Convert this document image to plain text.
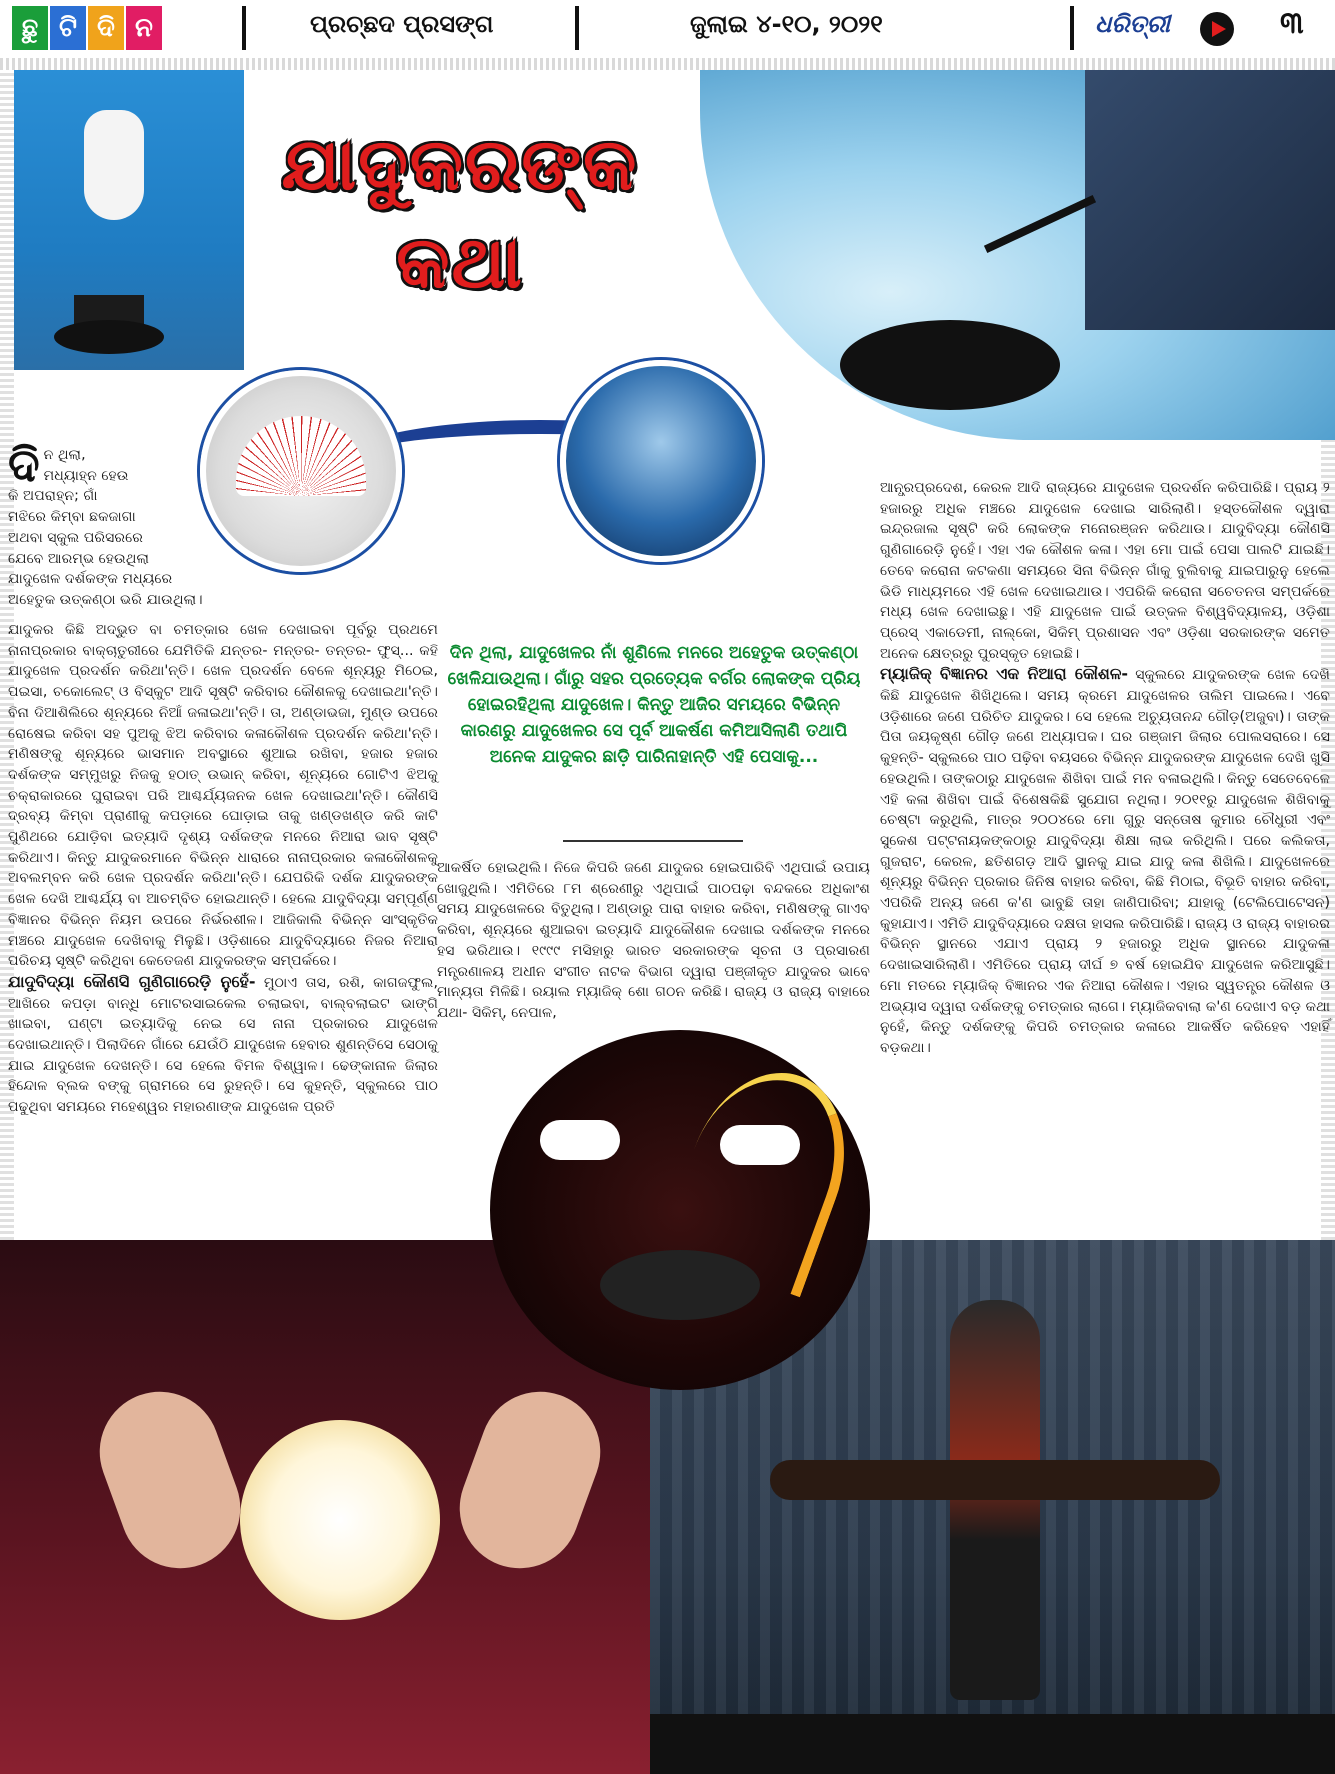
ଛୁ ଟି ଦି ନ	ପ୍ରଚ୍ଛଦ ପ୍ରସଙ୍ଗ	ଜୁଲାଇ ୪-୧୦, ୨୦୨୧	ଧରିତ୍ରୀ	୩
ଯାଦୁକରଙ୍କ
କଥା
ଦି ନ ଥିଲା,
ମଧ୍ୟାହ୍ନ ହେଉ
କି ଅପରାହ୍ନ; ଗାଁ
ମଝିରେ କିମ୍ବା ଛକଜାଗା
ଅଥବା ସ୍କୁଲ ପରିସରରେ
ଯେବେ ଆରମ୍ଭ ହେଉଥିଲା
ଯାଦୁଖେଳ ଦର୍ଶକଙ୍କ ମଧ୍ୟରେ
ଅହେତୁକ ଉତ୍କଣ୍ଠା ଭରି ଯାଉଥିଲା।

ଯାଦୁକର କିଛି ଅଦ୍ଭୁତ ବା ଚମତ୍କାର ଖେଳ ଦେଖାଇବା ପୂର୍ବରୁ ପ୍ରଥମେ ନାନାପ୍ରକାର ବାକ୍ଚାତୁରୀରେ ଯେମିତିକି ଯନ୍ତର- ମନ୍ତର- ତନ୍ତର- ଫୁସ୍... କହି ଯାଦୁଖେଳ ପ୍ରଦର୍ଶନ କରିଥା'ନ୍ତି। ଖେଳ ପ୍ରଦର୍ଶନ ବେଳେ ଶୂନ୍ୟରୁ ମିଠେଇ, ପଇସା, ଚକୋଲେଟ୍ ଓ ବିସ୍କୁଟ ଆଦି ସୃଷ୍ଟି କରିବାର କୌଶଳକୁ ଦେଖାଇଥା'ନ୍ତି। ବିନା ଦିଆଶିଲିରେ ଶୂନ୍ୟରେ ନିଆଁ ଜଳାଇଥା'ନ୍ତି। ତା, ଅଣ୍ଡାଭଜା, ମୁଣ୍ଡ ଉପରେ ରୋଷେଇ କରିବା ସହ ପୁଅକୁ ଝିଅ କରିବାର କଳାକୌଶଳ ପ୍ରଦର୍ଶନ କରିଥା'ନ୍ତି। ମଣିଷଙ୍କୁ ଶୂନ୍ୟରେ ଭାସମାନ ଅବସ୍ଥାରେ ଶୁଆଇ ରଖିବା, ହଜାର ହଜାର ଦର୍ଶକଙ୍କ ସମ୍ମୁଖରୁ ନିଜକୁ ହଠାତ୍ ଉଭାନ୍ କରିବା, ଶୂନ୍ୟରେ ଗୋଟିଏ ଝିଅକୁ ଚକ୍ରାକାରରେ ଘୁରାଇବା ପରି ଆଶ୍ଚର୍ଯ୍ୟଜନକ ଖେଳ ଦେଖାଇଥା'ନ୍ତି। କୌଣସି ଦ୍ରବ୍ୟ କିମ୍ବା ପ୍ରାଣୀକୁ କପଡ଼ାରେ ଘୋଡ଼ାଇ ତାକୁ ଖଣ୍ଡଖଣ୍ଡ କରି କାଟି ପୁଣିଥରେ ଯୋଡ଼ିବା ଇତ୍ୟାଦି ଦୃଶ୍ୟ ଦର୍ଶକଙ୍କ ମନରେ ନିଆରା ଭାବ ସୃଷ୍ଟି କରିଥାଏ। କିନ୍ତୁ ଯାଦୁକରମାନେ ବିଭିନ୍ନ ଧାରାରେ ନାନାପ୍ରକାର କଳାକୌଶଳକୁ ଅବଲମ୍ବନ କରି ଖେଳ ପ୍ରଦର୍ଶନ କରିଥା'ନ୍ତି। ଯେପରିକି ଦର୍ଶକ ଯାଦୁକରଙ୍କ ଖେଳ ଦେଖି ଆଶ୍ଚର୍ଯ୍ୟ ବା ଆଚମ୍ବିତ ହୋଇଥାନ୍ତି। ହେଲେ ଯାଦୁବିଦ୍ୟା ସମ୍ପୂର୍ଣ୍ଣ ବିଜ୍ଞାନର ବିଭିନ୍ନ ନିୟମ ଉପରେ ନିର୍ଭରଶୀଳ। ଆଜିକାଲି ବିଭିନ୍ନ ସାଂସ୍କୃତିକ ମଞ୍ଚରେ ଯାଦୁଖେଳ ଦେଖିବାକୁ ମିଳୁଛି। ଓଡ଼ିଶାରେ ଯାଦୁବିଦ୍ୟାରେ ନିଜର ନିଆରା ପରିଚୟ ସୃଷ୍ଟି କରିଥିବା କେତେଜଣ ଯାଦୁକରଙ୍କ ସମ୍ପର୍କରେ।

ଯାଦୁବିଦ୍ୟା କୌଣସି ଗୁଣିଗାରେଡ଼ି ନୁହେଁ- ମୁଠାଏ ତାସ, ରଶି, କାଗଜଫୁଲ, ଆଖିରେ କପଡ଼ା ବାନ୍ଧି ମୋଟରସାଇକେଲ ଚଲାଇବା, ବାଲ୍ବଲାଇଟ ଭାଙ୍ଗି ଖାଇବା, ଘଣ୍ଟା ଇତ୍ୟାଦିକୁ ନେଇ ସେ ନାନା ପ୍ରକାରର ଯାଦୁଖେଳ ଦେଖାଇଥାନ୍ତି। ପିଲାଦିନେ ଗାଁରେ ଯେଉଁଠି ଯାଦୁଖେଳ ହେବାର ଶୁଣନ୍ତିସେ ସେଠାକୁ ଯାଇ ଯାଦୁଖେଳ ଦେଖନ୍ତି। ସେ ହେଲେ ବିମଳ ବିଶ୍ୱାଳ। ଢେଙ୍କାନାଳ ଜିଲାର ହିନ୍ଦୋଳ ବ୍ଲକ ବଙ୍କୁ ଗ୍ରାମରେ ସେ ରୁହନ୍ତି। ସେ କୁହନ୍ତି, ସ୍କୁଲରେ ପାଠ ପଢୁଥିବା ସମୟରେ ମହେଶ୍ୱର ମହାରଣାଙ୍କ ଯାଦୁଖେଳ ପ୍ରତି

ଦିନ ଥିଲା, ଯାଦୁଖେଳର ନାଁ ଶୁଣିଲେ ମନରେ ଅହେତୁକ ଉତ୍କଣ୍ଠା ଖେଳିଯାଉଥିଲା। ଗାଁରୁ ସହର ପ୍ରତ୍ୟେକ ବର୍ଗର ଲୋକଙ୍କ ପ୍ରିୟ ହୋଇରହିଥିଲା ଯାଦୁଖେଳ। କିନ୍ତୁ ଆଜିର ସମୟରେ ବିଭିନ୍ନ କାରଣରୁ ଯାଦୁଖେଳର ସେ ପୂର୍ବ ଆକର୍ଷଣ କମିଆସିଲାଣି ତଥାପି ଅନେକ ଯାଦୁକର ଛାଡ଼ି ପାରିନାହାନ୍ତି ଏହି ପେସାକୁ...

ଆକର୍ଷିତ ହୋଇଥିଲି। ନିଜେ କିପରି ଜଣେ ଯାଦୁକର ହୋଇପାରିବି ଏଥିପାଇଁ ଉପାୟ ଖୋଜୁଥିଲି। ଏମିତିରେ ୮ମ ଶ୍ରେଣୀରୁ ଏଥିପାଇଁ ପାଠପଢ଼ା ବନ୍ଦକରେ ଅଧିକାଂଶ ସମୟ ଯାଦୁଖେଳରେ ବିତୁଥିଲା। ଅଣ୍ଡାରୁ ପାରା ବାହାର କରିବା, ମଣିଷଙ୍କୁ ଗାଏବ କରିବା, ଶୂନ୍ୟରେ ଶୁଆଇବା ଇତ୍ୟାଦି ଯାଦୁକୌଶଳ ଦେଖାଇ ଦର୍ଶକଙ୍କ ମନରେ ହସ ଭରିଥାଉ। ୧୯୯୯ ମସିହାରୁ ଭାରତ ସରକାରଙ୍କ ସୂଚନା ଓ ପ୍ରସାରଣ ମନ୍ତ୍ରଣାଳୟ ଅଧୀନ ସଂଗୀତ ନାଟକ ବିଭାଗ ଦ୍ୱାରା ପଞ୍ଜୀକୃତ ଯାଦୁକର ଭାବେ ମାନ୍ୟତା ମିଳିଛି। ରୟାଲ ମ୍ୟାଜିକ୍ ଶୋ ଗଠନ କରିଛି। ରାଜ୍ୟ ଓ ରାଜ୍ୟ ବାହାରେ ଯଥା- ସିକିମ୍, ନେପାଳ,

ଆନ୍ଧ୍ରପ୍ରଦେଶ, କେରଳ ଆଦି ରାଜ୍ୟରେ ଯାଦୁଖେଳ ପ୍ରଦର୍ଶନ କରିପାରିଛି। ପ୍ରାୟ ୨ ହଜାରରୁ ଅଧିକ ମଞ୍ଚରେ ଯାଦୁଖେଳ ଦେଖାଇ ସାରିଲାଣି। ହସ୍ତକୌଶଳ ଦ୍ୱାରା ଇନ୍ଦ୍ରଜାଲ ସୃଷ୍ଟି କରି ଲୋକଙ୍କ ମନୋରଞ୍ଜନ କରିଥାଉ। ଯାଦୁବିଦ୍ୟା କୌଣସି ଗୁଣିଗାରେଡ଼ି ନୁହେଁ। ଏହା ଏକ କୌଶଳ କଳା। ଏହା ମୋ ପାଇଁ ପେସା ପାଲଟି ଯାଇଛି। ତେବେ କରୋନା କଟକଣା ସମୟରେ ସିନା ବିଭିନ୍ନ ଗାଁକୁ ବୁଲିବାକୁ ଯାଇପାରୁନୁ ହେଲେ ଭିଡି ମାଧ୍ୟମରେ ଏହି ଖେଳ ଦେଖାଇଥାଉ। ଏପରିକି କରୋନା ସଚେତନତା ସମ୍ପର୍କରେ ମଧ୍ୟ ଖେଳ ଦେଖାଇଛୁ। ଏହି ଯାଦୁଖେଳ ପାଇଁ ଉତ୍କଳ ବିଶ୍ୱବିଦ୍ୟାଳୟ, ଓଡ଼ିଶା ପ୍ରେସ୍ ଏକାଡେମୀ, ନାଲ୍କୋ, ସିକିମ୍ ପ୍ରଶାସନ ଏବଂ ଓଡ଼ିଶା ସରକାରଙ୍କ ସମେତ ଅନେକ କ୍ଷେତ୍ରରୁ ପୁରସ୍କୃତ ହୋଇଛି।

ମ୍ୟାଜିକ୍ ବିଜ୍ଞାନର ଏକ ନିଆରା କୌଶଳ- ସ୍କୁଲରେ ଯାଦୁକରଙ୍କ ଖେଳ ଦେଖି କିଛି ଯାଦୁଖେଳ ଶିଖିଥିଲେ। ସମୟ କ୍ରମେ ଯାଦୁଖେଳର ତାଲିମ ପାଇଲେ। ଏବେ ଓଡ଼ିଶାରେ ଜଣେ ପରିଚିତ ଯାଦୁକର। ସେ ହେଲେ ଅଚ୍ୟୁତାନନ୍ଦ ଗୌଡ଼(ଅଜୁବା)। ତାଙ୍କ ପିତା ଜୟକୃଷ୍ଣ ଗୌଡ଼ ଜଣେ ଅଧ୍ୟାପକ। ଘର ଗଞ୍ଜାମ ଜିଲାର ପୋଲସରାରେ। ସେ କୁହନ୍ତି- ସ୍କୁଲରେ ପାଠ ପଢ଼ିବା ବୟସରେ ବିଭିନ୍ନ ଯାଦୁକରଙ୍କ ଯାଦୁଖେଳ ଦେଖି ଖୁସି ହେଉଥିଲି। ତାଙ୍କଠାରୁ ଯାଦୁଖେଳ ଶିଖିବା ପାଇଁ ମନ ବଳାଇଥିଲି। କିନ୍ତୁ ସେତେବେଳେ ଏହି କଳା ଶିଖିବା ପାଇଁ ବିଶେଷକିଛି ସୁଯୋଗ ନଥିଲା। ୨୦୧୧ରୁ ଯାଦୁଖେଳ ଶିଖିବାକୁ ଚେଷ୍ଟା କରୁଥିଲି, ମାତ୍ର ୨୦୦୪ରେ ମୋ ଗୁରୁ ସନ୍ତୋଷ କୁମାର ଚୌଧୁରୀ ଏବଂ ସୁକେଶ ପଟ୍ଟନାୟକଙ୍କଠାରୁ ଯାଦୁବିଦ୍ୟା ଶିକ୍ଷା ଲାଭ କରିଥିଲି। ପରେ କଲିକତା, ଗୁଜରାଟ, କେରଳ, ଛତିଶଗଡ଼ ଆଦି ସ୍ଥାନକୁ ଯାଇ ଯାଦୁ କଳା ଶିଖିଲି। ଯାଦୁଖେଳରେ ଶୂନ୍ୟରୁ ବିଭିନ୍ନ ପ୍ରକାର ଜିନିଷ ବାହାର କରିବା, କିଛି ମିଠାଇ, ବିଭୂତି ବାହାର କରିବା, ଏପରିକି ଅନ୍ୟ ଜଣେ କ'ଣ ଭାବୁଛି ତାହା ଜାଣିପାରିବା; ଯାହାକୁ (ଟେଲିପୋଟେସନ) କୁହାଯାଏ। ଏମିତି ଯାଦୁବିଦ୍ୟାରେ ଦକ୍ଷତା ହାସଲ କରିପାରିଛି। ରାଜ୍ୟ ଓ ରାଜ୍ୟ ବାହାରର ବିଭିନ୍ନ ସ୍ଥାନରେ ଏଯାଏ ପ୍ରାୟ ୨ ହଜାରରୁ ଅଧିକ ସ୍ଥାନରେ ଯାଦୁକଳା ଦେଖାଇସାରିଲାଣି। ଏମିତିରେ ପ୍ରାୟ ଦୀର୍ଘ ୭ ବର୍ଷ ହୋଇଯିବ ଯାଦୁଖେଳ କରିଆସୁଛି। ମୋ ମତରେ ମ୍ୟାଜିକ୍ ବିଜ୍ଞାନର ଏକ ନିଆରା କୌଶଳ। ଏହାର ସ୍ୱତନ୍ତ୍ର କୌଶଳ ଓ ଅଭ୍ୟାସ ଦ୍ୱାରା ଦର୍ଶକଙ୍କୁ ଚମତ୍କାର ଲାଗେ। ମ୍ୟାଜିକବାଲା କ'ଣ ଦେଖାଏ ବଡ଼ କଥା ନୁହେଁ, କିନ୍ତୁ ଦର୍ଶକଙ୍କୁ କିପରି ଚମତ୍କାର କଳାରେ ଆକର୍ଷିତ କରିହେବ ଏହାହିଁ ବଡ଼କଥା।
